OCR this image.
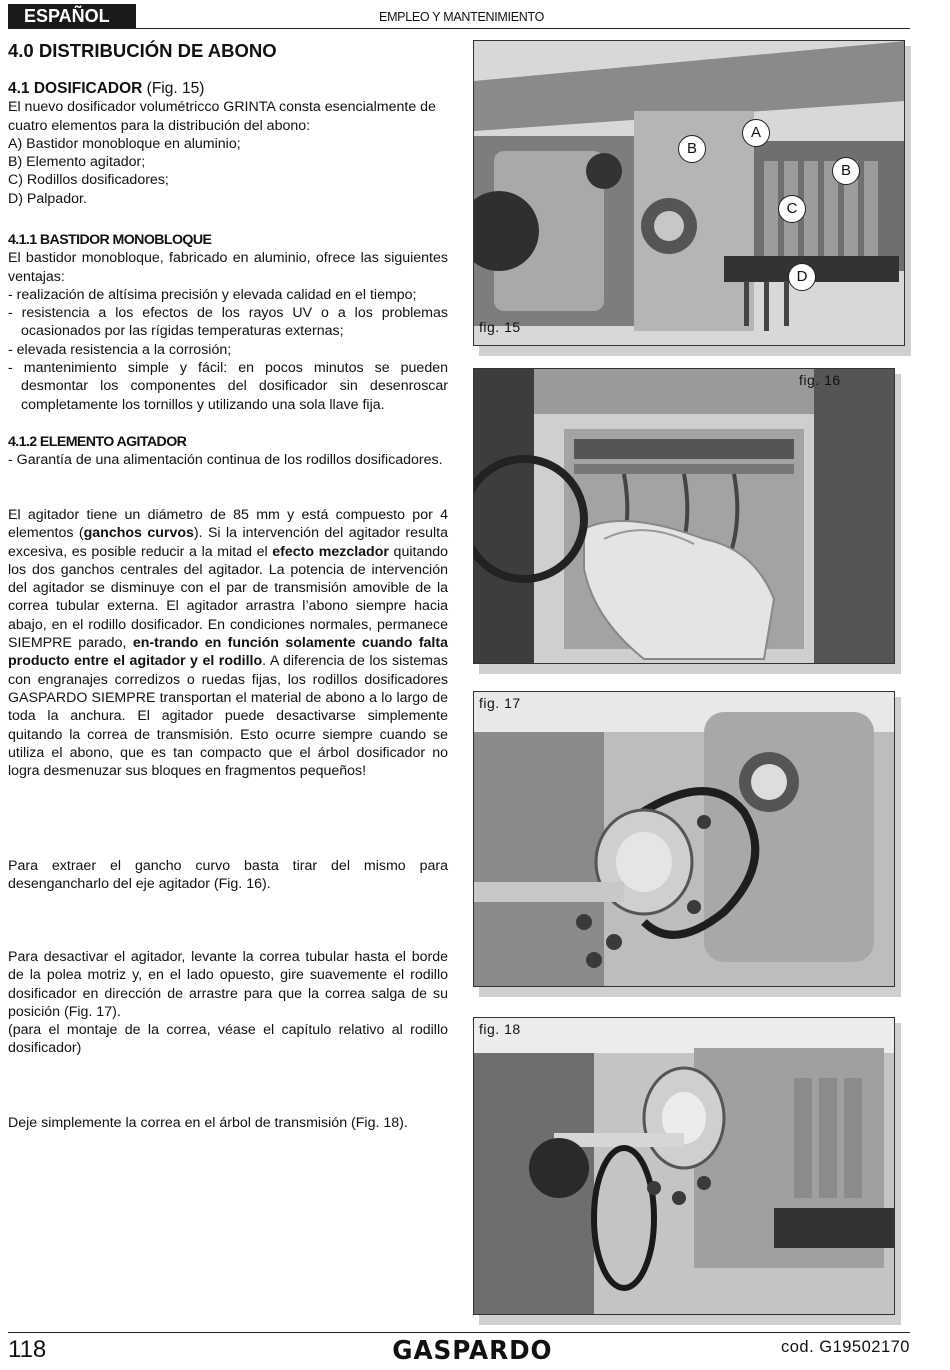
ESPAÑOL	EMPLEO Y MANTENIMIENTO
4.0 DISTRIBUCIÓN DE ABONO
4.1 DOSIFICADOR (Fig. 15)
El nuevo dosificador volumétricco GRINTA consta esencialmente de cuatro elementos para la distribución del abono:
A) Bastidor monobloque en aluminio;
B) Elemento agitador;
C) Rodillos dosificadores;
D) Palpador.
4.1.1 BASTIDOR MONOBLOQUE
El bastidor monobloque, fabricado en aluminio, ofrece las siguientes ventajas:
- realización de altísima precisión y elevada calidad en el tiempo;
- resistencia a los efectos de los rayos UV o a los problemas ocasionados por las rígidas temperaturas externas;
- elevada resistencia a la corrosión;
- mantenimiento simple y fácil: en pocos minutos se pueden desmontar los componentes del dosificador sin desenroscar completamente los tornillos y utilizando una sola llave fija.
4.1.2 ELEMENTO AGITADOR
- Garantía de una alimentación continua de los rodillos dosificadores.
El agitador tiene un diámetro de 85 mm y está compuesto por 4 elementos (ganchos curvos). Si la intervención del agitador resulta excesiva, es posible reducir a la mitad el efecto mezclador quitando los dos ganchos centrales del agitador. La potencia de intervención del agitador se disminuye con el par de transmisión amovible de la correa tubular externa. El agitador arrastra l’abono siempre hacia abajo, en el rodillo dosificador. En condiciones normales, permanece SIEMPRE parado, en-trando en función solamente cuando falta producto entre el agitador y el rodillo. A diferencia de los sistemas con engranajes corredizos o ruedas fijas, los rodillos dosificadores GASPARDO SIEMPRE transportan el material de abono a lo largo de toda la anchura. El agitador puede desactivarse simplemente quitando la correa de transmisión. Esto ocurre siempre cuando se utiliza el abono, que es tan compacto que el árbol dosificador no logra desmenuzar sus bloques en fragmentos pequeños!
Para extraer el gancho curvo basta tirar del mismo para desengancharlo del eje agitador (Fig. 16).
Para desactivar el agitador, levante la correa tubular hasta el borde de la polea motriz y, en el lado opuesto, gire suavemente el rodillo dosificador en dirección de arrastre para que la correa salga de su posición (Fig. 17).
(para el montaje de la correa, véase el capítulo relativo al rodillo dosificador)
Deje simplemente la correa en el árbol de transmisión (Fig. 18).
A
B
B
C
D
fig. 15
fig. 16
fig. 17
fig. 18
118	GASPARDO	cod. G19502170
